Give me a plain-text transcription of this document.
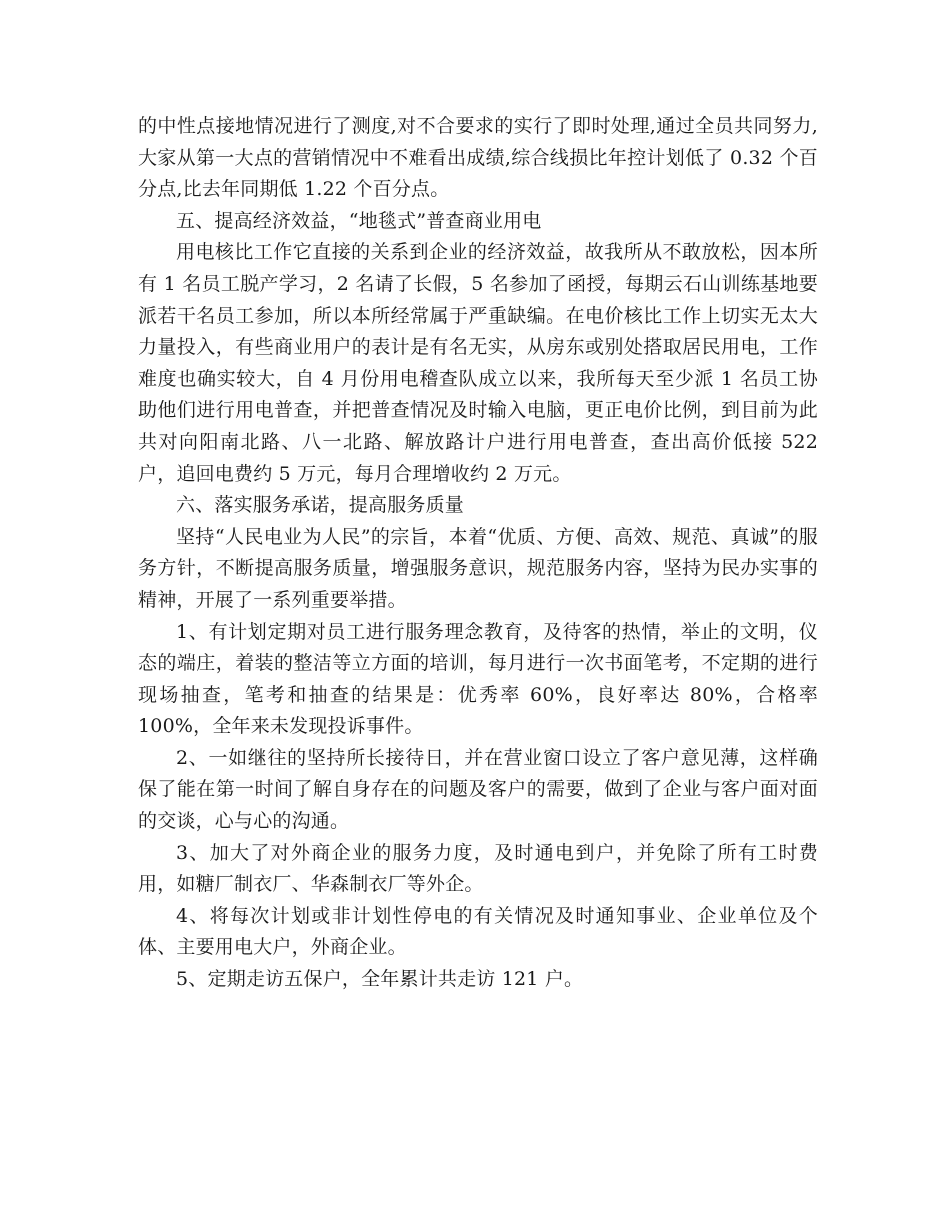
的中性点接地情况进行了测度,对不合要求的实行了即时处理,通过全员共同努力,大家从第一大点的营销情况中不难看出成绩,综合线损比年控计划低了 0.32 个百分点,比去年同期低 1.22 个百分点。

五、提高经济效益，“地毯式”普查商业用电

用电核比工作它直接的关系到企业的经济效益，故我所从不敢放松，因本所有 1 名员工脱产学习，2 名请了长假，5 名参加了函授，每期云石山训练基地要派若干名员工参加，所以本所经常属于严重缺编。在电价核比工作上切实无太大力量投入，有些商业用户的表计是有名无实，从房东或别处搭取居民用电，工作难度也确实较大，自 4 月份用电稽查队成立以来，我所每天至少派 1 名员工协助他们进行用电普查，并把普查情况及时输入电脑，更正电价比例，到目前为此共对向阳南北路、八一北路、解放路计户进行用电普查，查出高价低接 522 户，追回电费约 5 万元，每月合理增收约 2 万元。

六、落实服务承诺，提高服务质量

坚持“人民电业为人民”的宗旨，本着“优质、方便、高效、规范、真诚”的服务方针，不断提高服务质量，增强服务意识，规范服务内容，坚持为民办实事的精神，开展了一系列重要举措。

1、有计划定期对员工进行服务理念教育，及待客的热情，举止的文明，仪态的端庄，着装的整洁等立方面的培训，每月进行一次书面笔考，不定期的进行现场抽查，笔考和抽查的结果是：优秀率 60%，良好率达 80%，合格率 100%，全年来未发现投诉事件。

2、一如继往的坚持所长接待日，并在营业窗口设立了客户意见薄，这样确保了能在第一时间了解自身存在的问题及客户的需要，做到了企业与客户面对面的交谈，心与心的沟通。

3、加大了对外商企业的服务力度，及时通电到户，并免除了所有工时费用，如糖厂制衣厂、华森制衣厂等外企。

4、将每次计划或非计划性停电的有关情况及时通知事业、企业单位及个体、主要用电大户，外商企业。

5、定期走访五保户，全年累计共走访 121 户。
